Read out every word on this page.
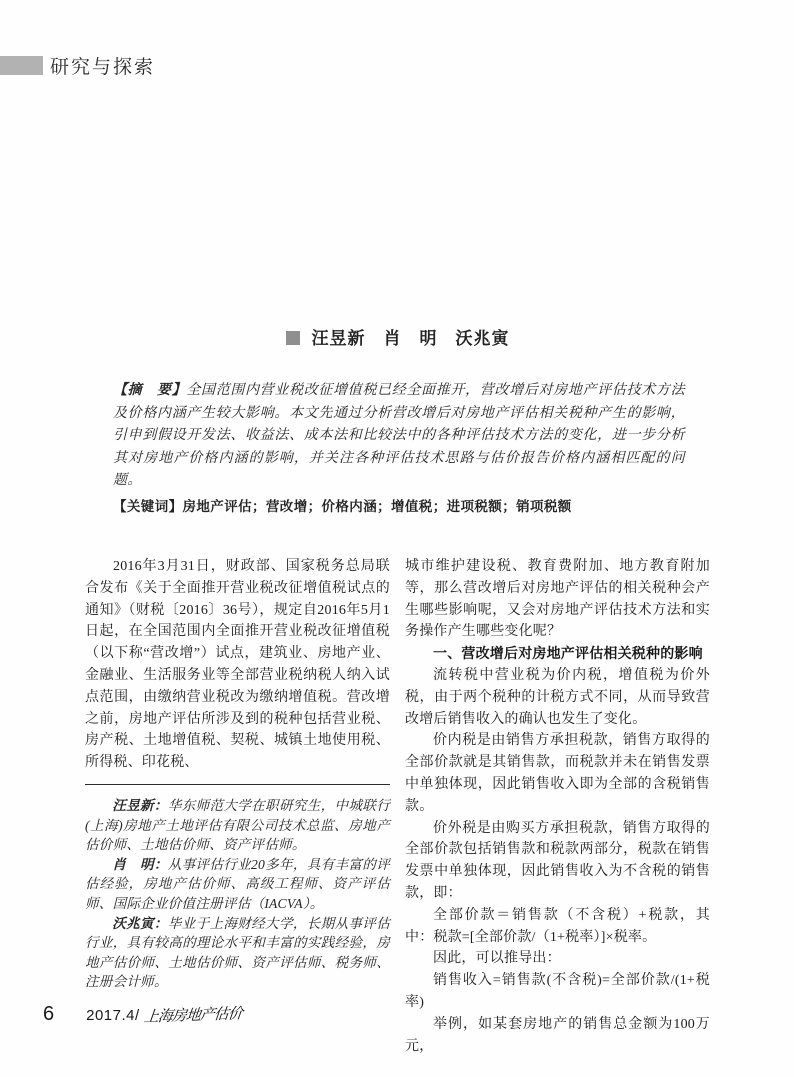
研究与探索
汪昱新　肖　明　沃兆寅

【摘　要】全国范围内营业税改征增值税已经全面推开，营改增后对房地产评估技术方法及价格内涵产生较大影响。本文先通过分析营改增后对房地产评估相关税种产生的影响，引申到假设开发法、收益法、成本法和比较法中的各种评估技术方法的变化，进一步分析其对房地产价格内涵的影响，并关注各种评估技术思路与估价报告价格内涵相匹配的问题。

【关键词】房地产评估；营改增；价格内涵；增值税；进项税额；销项税额

2016年3月31日，财政部、国家税务总局联合发布《关于全面推开营业税改征增值税试点的通知》（财税〔2016〕36号），规定自2016年5月1日起，在全国范围内全面推开营业税改征增值税（以下称“营改增”）试点，建筑业、房地产业、金融业、生活服务业等全部营业税纳税人纳入试点范围，由缴纳营业税改为缴纳增值税。营改增之前，房地产评估所涉及到的税种包括营业税、房产税、土地增值税、契税、城镇土地使用税、所得税、印花税、

汪昱新：华东师范大学在职研究生，中城联行(上海)房地产土地评估有限公司技术总监、房地产估价师、土地估价师、资产评估师。

肖　明：从事评估行业20多年，具有丰富的评估经验，房地产估价师、高级工程师、资产评估师、国际企业价值注册评估（IACVA）。

沃兆寅：毕业于上海财经大学，长期从事评估行业，具有较高的理论水平和丰富的实践经验，房地产估价师、土地估价师、资产评估师、税务师、注册会计师。

城市维护建设税、教育费附加、地方教育附加等，那么营改增后对房地产评估的相关税种会产生哪些影响呢，又会对房地产评估技术方法和实务操作产生哪些变化呢？

一、营改增后对房地产评估相关税种的影响

流转税中营业税为价内税，增值税为价外税，由于两个税种的计税方式不同，从而导致营改增后销售收入的确认也发生了变化。

价内税是由销售方承担税款，销售方取得的全部价款就是其销售款，而税款并未在销售发票中单独体现，因此销售收入即为全部的含税销售款。

价外税是由购买方承担税款，销售方取得的全部价款包括销售款和税款两部分，税款在销售发票中单独体现，因此销售收入为不含税的销售款，即：

全部价款＝销售款（不含税）+税款，其中：税款=[全部价款/（1+税率）]×税率。

因此，可以推导出：

销售收入=销售款(不含税)=全部价款/(1+税率)

举例，如某套房地产的销售总金额为100万元，

6 2017.4/ 上海房地产估价
